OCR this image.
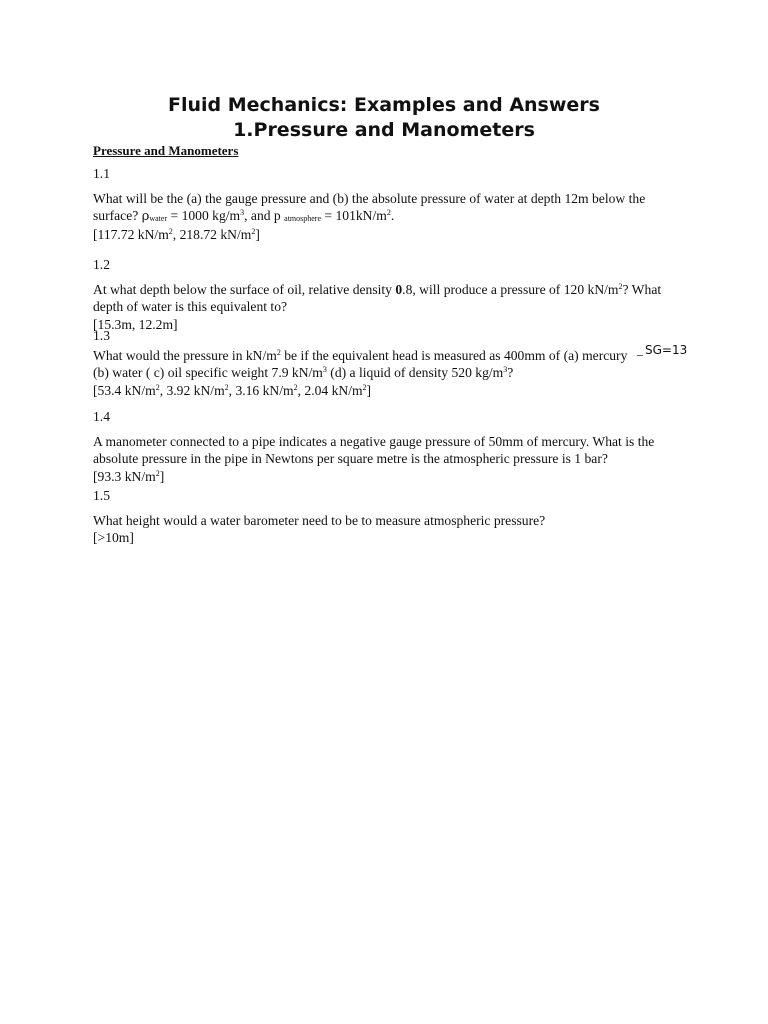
Fluid Mechanics: Examples and Answers
1.Pressure and Manometers

Pressure and Manometers

1.1
What will be the (a) the gauge pressure and (b) the absolute pressure of water at depth 12m below the
surface? $\rho_{water} = 1000$ $kg/m^3$, and p $_{atmosphere} = 101kN/m^2$.
[117.72 $kN/m^2$, 218.72 $kN/m^2$]
1.2
At what depth below the surface of oil, relative density 0.8, will produce a pressure of 120 $kN/m^2$? What
depth of water is this equivalent to?
[15.3m, 12.2m]
1.3
What would the pressure in $kN/m^2$ be if the equivalent head is measured as 400mm of (a) mercury
(b) water ( c) oil specific weight 7.9 $kN/m^3$ (d) a liquid of density 520 $kg/m^3$?
[53.4 $kN/m^2$, 3.92 $kN/m^2$, 3.16 $kN/m^2$, 2.04 $kN/m^2$]
SG=13
1.4
A manometer connected to a pipe indicates a negative gauge pressure of 50mm of mercury. What is the
absolute pressure in the pipe in Newtons per square metre is the atmospheric pressure is 1 bar?
[93.3 $kN/m^2$]
1.5
What height would a water barometer need to be to measure atmospheric pressure?
[>10m]
